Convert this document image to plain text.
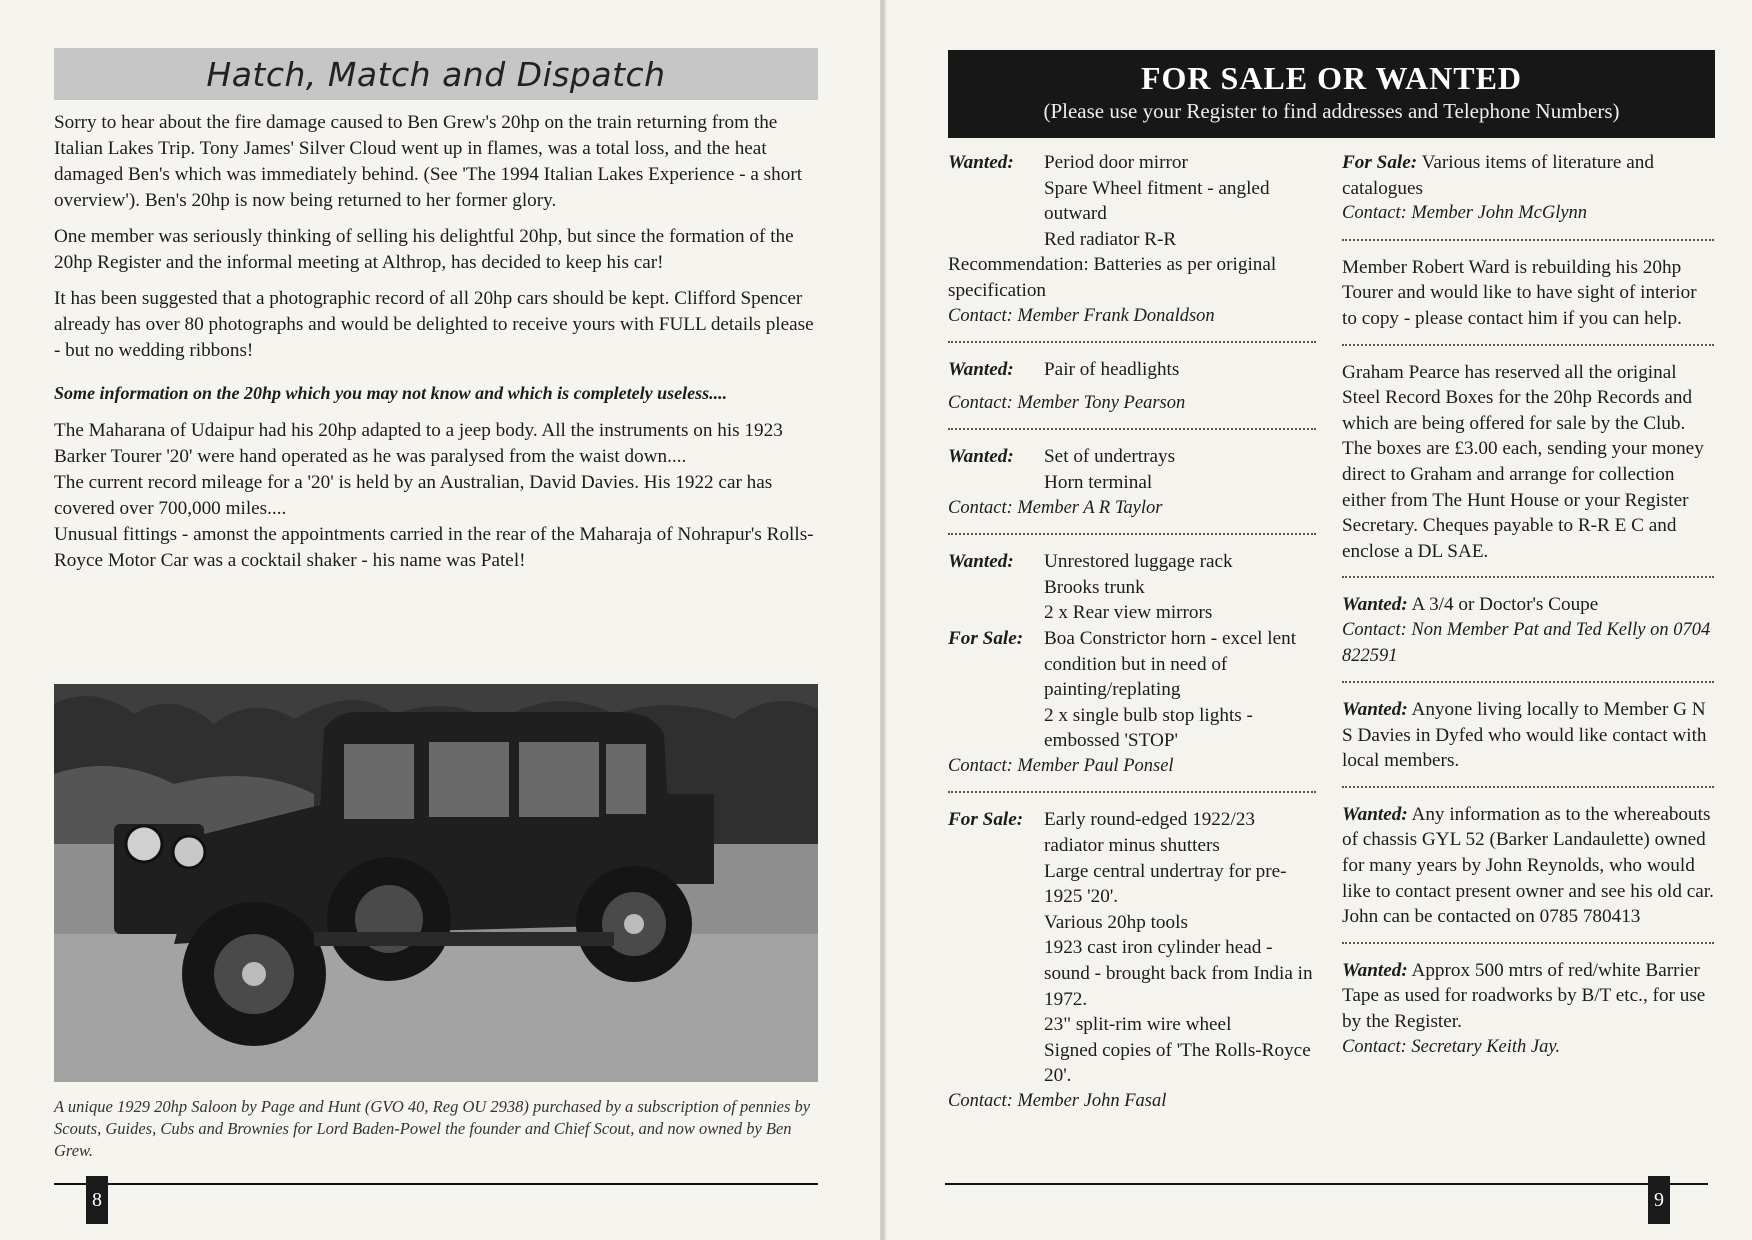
Hatch, Match and Dispatch

Sorry to hear about the fire damage caused to Ben Grew's 20hp on the train returning from the Italian Lakes Trip. Tony James' Silver Cloud went up in flames, was a total loss, and the heat damaged Ben's which was immediately behind. (See 'The 1994 Italian Lakes Experience - a short overview'). Ben's 20hp is now being returned to her former glory.

One member was seriously thinking of selling his delightful 20hp, but since the formation of the 20hp Register and the informal meeting at Althrop, has decided to keep his car!

It has been suggested that a photographic record of all 20hp cars should be kept. Clifford Spencer already has over 80 photographs and would be delighted to receive yours with FULL details please - but no wedding ribbons!

Some information on the 20hp which you may not know and which is completely useless....

The Maharana of Udaipur had his 20hp adapted to a jeep body. All the instruments on his 1923 Barker Tourer '20' were hand operated as he was paralysed from the waist down....

The current record mileage for a '20' is held by an Australian, David Davies. His 1922 car has covered over 700,000 miles....

Unusual fittings - amonst the appointments carried in the rear of the Maharaja of Nohrapur's Rolls-Royce Motor Car was a cocktail shaker - his name was Patel!

A unique 1929 20hp Saloon by Page and Hunt (GVO 40, Reg OU 2938) purchased by a subscription of pennies by Scouts, Guides, Cubs and Brownies for Lord Baden-Powel the founder and Chief Scout, and now owned by Ben Grew.
8
FOR SALE OR WANTED
(Please use your Register to find addresses and Telephone Numbers)
Wanted:	Period door mirror
Spare Wheel fitment - angled outward
Red radiator R-R
Recommendation: Batteries as per original specification
Contact: Member Frank Donaldson
Wanted:	Pair of headlights
Contact: Member Tony Pearson
Wanted:	Set of undertrays
Horn terminal
Contact: Member A R Taylor
Wanted:	Unrestored luggage rack
Brooks trunk
2 x Rear view mirrors
For Sale:	Boa Constrictor horn - excel lent condition but in need of painting/replating
2 x single bulb stop lights - embossed 'STOP'
Contact: Member Paul Ponsel
For Sale:	Early round-edged 1922/23 radiator minus shutters
Large central undertray for pre-1925 '20'.
Various 20hp tools
1923 cast iron cylinder head - sound - brought back from India in 1972.
23" split-rim wire wheel
Signed copies of 'The Rolls-Royce 20'.
Contact: Member John Fasal
For Sale: Various items of literature and catalogues
Contact: Member John McGlynn
Member Robert Ward is rebuilding his 20hp Tourer and would like to have sight of interior to copy - please contact him if you can help.
Graham Pearce has reserved all the original Steel Record Boxes for the 20hp Records and which are being offered for sale by the Club. The boxes are £3.00 each, sending your money direct to Graham and arrange for collection either from The Hunt House or your Register Secretary. Cheques payable to R-R E C and enclose a DL SAE.
Wanted: A 3/4 or Doctor's Coupe
Contact: Non Member Pat and Ted Kelly on 0704 822591
Wanted: Anyone living locally to Member G N S Davies in Dyfed who would like contact with local members.
Wanted: Any information as to the whereabouts of chassis GYL 52 (Barker Landaulette) owned for many years by John Reynolds, who would like to contact present owner and see his old car. John can be contacted on 0785 780413
Wanted: Approx 500 mtrs of red/white Barrier Tape as used for roadworks by B/T etc., for use by the Register.
Contact: Secretary Keith Jay.
9
